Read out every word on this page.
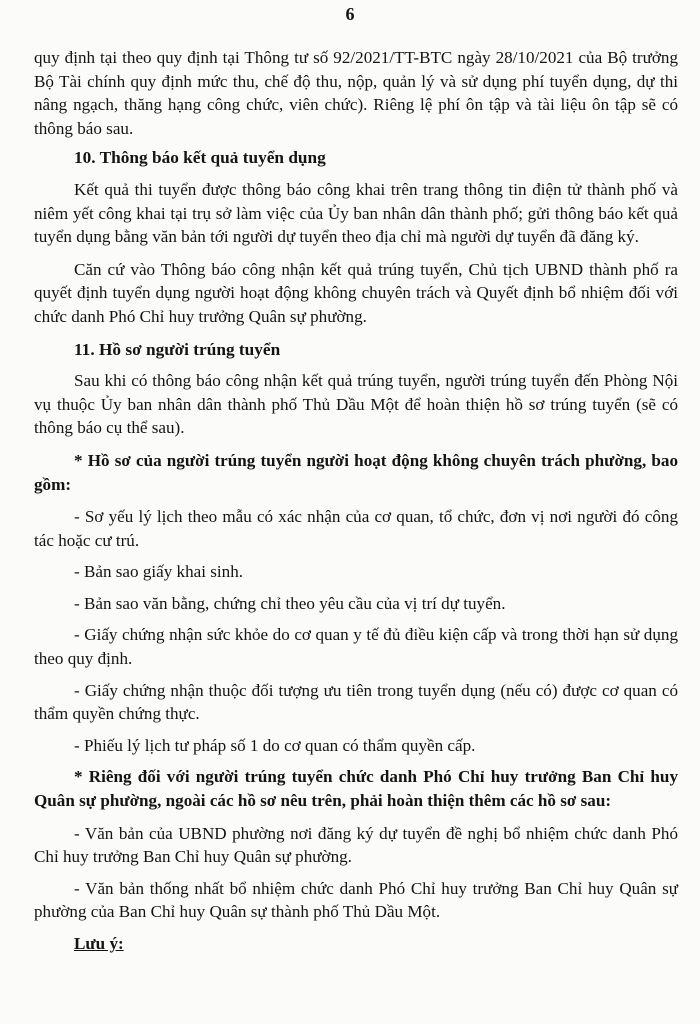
6

quy định tại theo quy định tại Thông tư số 92/2021/TT-BTC ngày 28/10/2021 của Bộ trưởng Bộ Tài chính quy định mức thu, chế độ thu, nộp, quản lý và sử dụng phí tuyển dụng, dự thi nâng ngạch, thăng hạng công chức, viên chức). Riêng lệ phí ôn tập và tài liệu ôn tập sẽ có thông báo sau.

10. Thông báo kết quả tuyển dụng

Kết quả thi tuyển được thông báo công khai trên trang thông tin điện tử thành phố và niêm yết công khai tại trụ sở làm việc của Ủy ban nhân dân thành phố; gửi thông báo kết quả tuyển dụng bằng văn bản tới người dự tuyển theo địa chỉ mà người dự tuyển đã đăng ký.

Căn cứ vào Thông báo công nhận kết quả trúng tuyển, Chủ tịch UBND thành phố ra quyết định tuyển dụng người hoạt động không chuyên trách và Quyết định bổ nhiệm đối với chức danh Phó Chỉ huy trưởng Quân sự phường.

11. Hồ sơ người trúng tuyển

Sau khi có thông báo công nhận kết quả trúng tuyển, người trúng tuyển đến Phòng Nội vụ thuộc Ủy ban nhân dân thành phố Thủ Dầu Một để hoàn thiện hồ sơ trúng tuyển (sẽ có thông báo cụ thể sau).

* Hồ sơ của người trúng tuyển người hoạt động không chuyên trách phường, bao gồm:

- Sơ yếu lý lịch theo mẫu có xác nhận của cơ quan, tổ chức, đơn vị nơi người đó công tác hoặc cư trú.

- Bản sao giấy khai sinh.

- Bản sao văn bằng, chứng chỉ theo yêu cầu của vị trí dự tuyển.

- Giấy chứng nhận sức khỏe do cơ quan y tế đủ điều kiện cấp và trong thời hạn sử dụng theo quy định.

- Giấy chứng nhận thuộc đối tượng ưu tiên trong tuyển dụng (nếu có) được cơ quan có thẩm quyền chứng thực.

- Phiếu lý lịch tư pháp số 1 do cơ quan có thẩm quyền cấp.

* Riêng đối với người trúng tuyển chức danh Phó Chỉ huy trưởng Ban Chỉ huy Quân sự phường, ngoài các hồ sơ nêu trên, phải hoàn thiện thêm các hồ sơ sau:

- Văn bản của UBND phường nơi đăng ký dự tuyển đề nghị bổ nhiệm chức danh Phó Chỉ huy trưởng Ban Chỉ huy Quân sự phường.

- Văn bản thống nhất bổ nhiệm chức danh Phó Chỉ huy trưởng Ban Chỉ huy Quân sự phường của Ban Chỉ huy Quân sự thành phố Thủ Dầu Một.

Lưu ý:
